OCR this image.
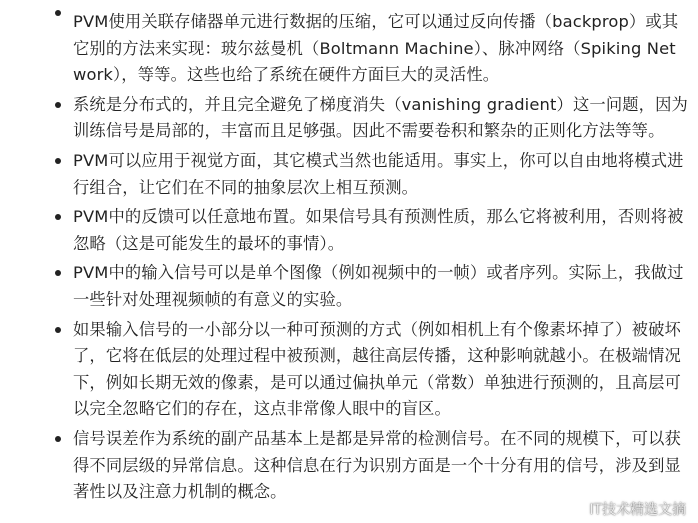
PVM使用关联存储器单元进行数据的压缩，它可以通过反向传播（backprop）或其它别的方法来实现：玻尔兹曼机（Boltmann Machine）、脉冲网络（Spiking Network），等等。这些也给了系统在硬件方面巨大的灵活性。
系统是分布式的，并且完全避免了梯度消失（vanishing gradient）这一问题，因为训练信号是局部的，丰富而且足够强。因此不需要卷积和繁杂的正则化方法等等。
PVM可以应用于视觉方面，其它模式当然也能适用。事实上，你可以自由地将模式进行组合，让它们在不同的抽象层次上相互预测。
PVM中的反馈可以任意地布置。如果信号具有预测性质，那么它将被利用，否则将被忽略（这是可能发生的最坏的事情）。
PVM中的输入信号可以是单个图像（例如视频中的一帧）或者序列。实际上，我做过一些针对处理视频帧的有意义的实验。
如果输入信号的一小部分以一种可预测的方式（例如相机上有个像素坏掉了）被破坏了，它将在低层的处理过程中被预测，越往高层传播，这种影响就越小。在极端情况下，例如长期无效的像素，是可以通过偏执单元（常数）单独进行预测的，且高层可以完全忽略它们的存在，这点非常像人眼中的盲区。
信号误差作为系统的副产品基本上是都是异常的检测信号。在不同的规模下，可以获得不同层级的异常信息。这种信息在行为识别方面是一个十分有用的信号，涉及到显著性以及注意力机制的概念。
IT技术精选文摘
